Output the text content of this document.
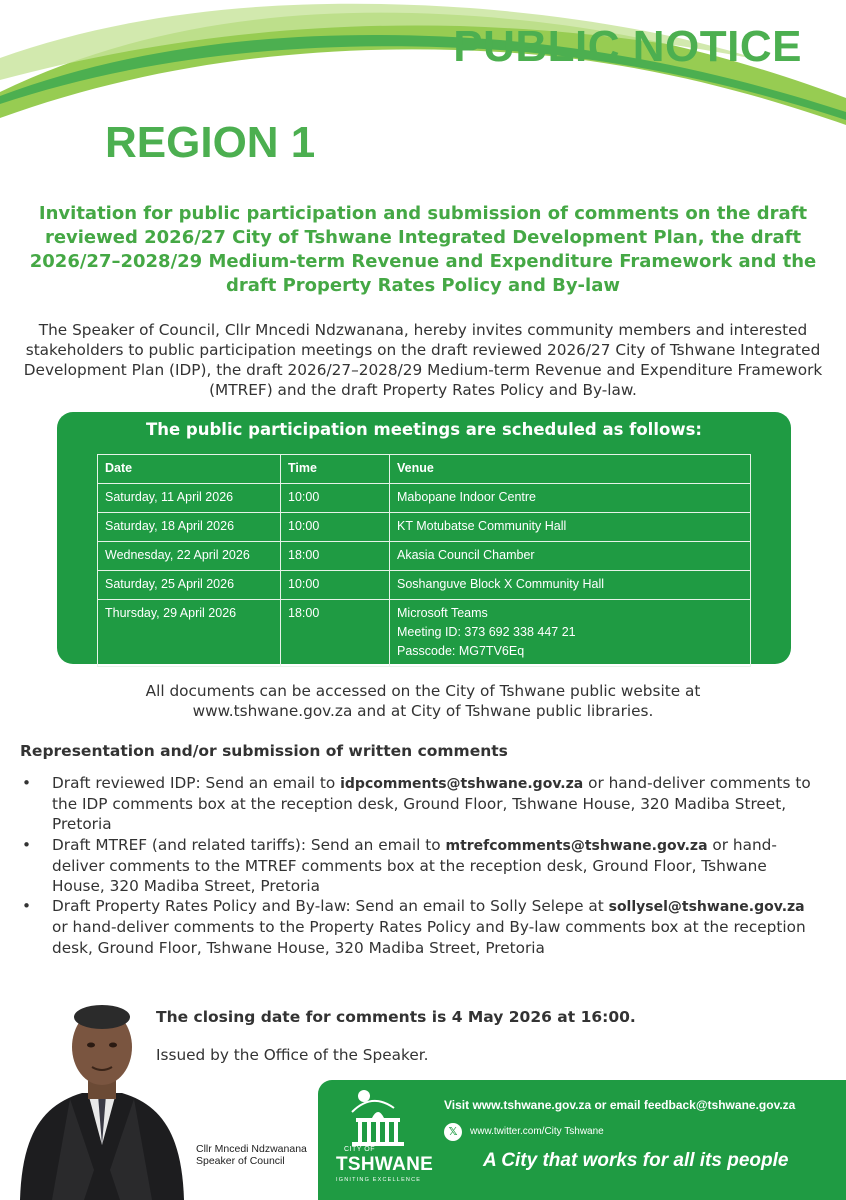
PUBLIC NOTICE
REGION 1
Invitation for public participation and submission of comments on the draft reviewed 2026/27 City of Tshwane Integrated Development Plan, the draft 2026/27–2028/29 Medium-term Revenue and Expenditure Framework and the draft Property Rates Policy and By-law
The Speaker of Council, Cllr Mncedi Ndzwanana, hereby invites community members and interested stakeholders to public participation meetings on the draft reviewed 2026/27 City of Tshwane Integrated Development Plan (IDP), the draft 2026/27–2028/29 Medium-term Revenue and Expenditure Framework (MTREF) and the draft Property Rates Policy and By-law.
The public participation meetings are scheduled as follows:
Date	Time	Venue
Saturday, 11 April 2026	10:00	Mabopane Indoor Centre
Saturday, 18 April 2026	10:00	KT Motubatse Community Hall
Wednesday, 22 April 2026	18:00	Akasia Council Chamber
Saturday, 25 April 2026	10:00	Soshanguve Block X Community Hall
Thursday, 29 April 2026	18:00	Microsoft Teams
Meeting ID: 373 692 338 447 21
Passcode: MG7TV6Eq
All documents can be accessed on the City of Tshwane public website at
www.tshwane.gov.za and at City of Tshwane public libraries.
Representation and/or submission of written comments
• Draft reviewed IDP: Send an email to idpcomments@tshwane.gov.za or hand-deliver comments to the IDP comments box at the reception desk, Ground Floor, Tshwane House, 320 Madiba Street, Pretoria
• Draft MTREF (and related tariffs): Send an email to mtrefcomments@tshwane.gov.za or hand-deliver comments to the MTREF comments box at the reception desk, Ground Floor, Tshwane House, 320 Madiba Street, Pretoria
• Draft Property Rates Policy and By-law: Send an email to Solly Selepe at sollysel@tshwane.gov.za or hand-deliver comments to the Property Rates Policy and By-law comments box at the reception desk, Ground Floor, Tshwane House, 320 Madiba Street, Pretoria
The closing date for comments is 4 May 2026 at 16:00.
Issued by the Office of the Speaker.
Cllr Mncedi Ndzwanana
Speaker of Council
CITY OF
TSHWANE
IGNITING EXCELLENCE
Visit www.tshwane.gov.za or email feedback@tshwane.gov.za
𝕏	www.twitter.com/City Tshwane
A City that works for all its people
